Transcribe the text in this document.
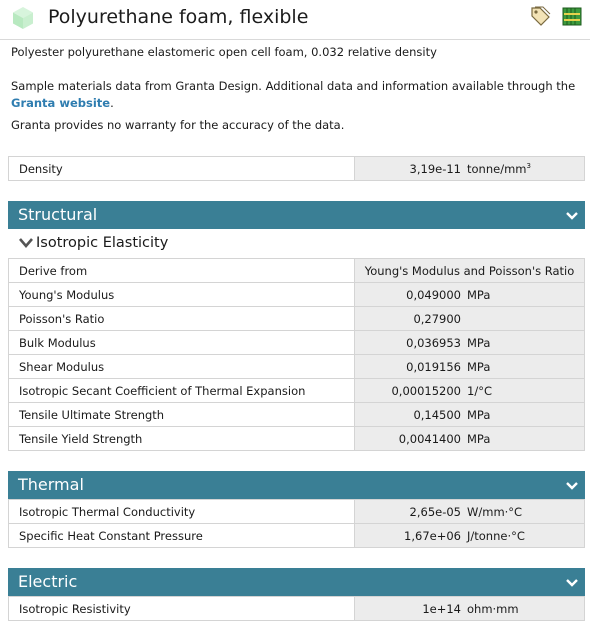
Polyurethane foam, flexible
Polyester polyurethane elastomeric open cell foam, 0.032 relative density
Sample materials data from Granta Design. Additional data and information available through the
Granta website.
Granta provides no warranty for the accuracy of the data.
Density	3,19e-11 tonne/$mm^3$
Structural
Isotropic Elasticity
Derive from	Young's Modulus and Poisson's Ratio

Young's Modulus	0,049000 MPa

Poisson's Ratio	0,27900

Bulk Modulus	0,036953 MPa

Shear Modulus	0,019156 MPa

Isotropic Secant Coefficient of Thermal Expansion	0,00015200 1/°C

Tensile Ultimate Strength	0,14500 MPa

Tensile Yield Strength	0,0041400 MPa
Thermal
Isotropic Thermal Conductivity	2,65e-05 W/mm·°C

Specific Heat Constant Pressure	1,67e+06 J/tonne·°C
Electric
Isotropic Resistivity	1e+14 ohm·mm
